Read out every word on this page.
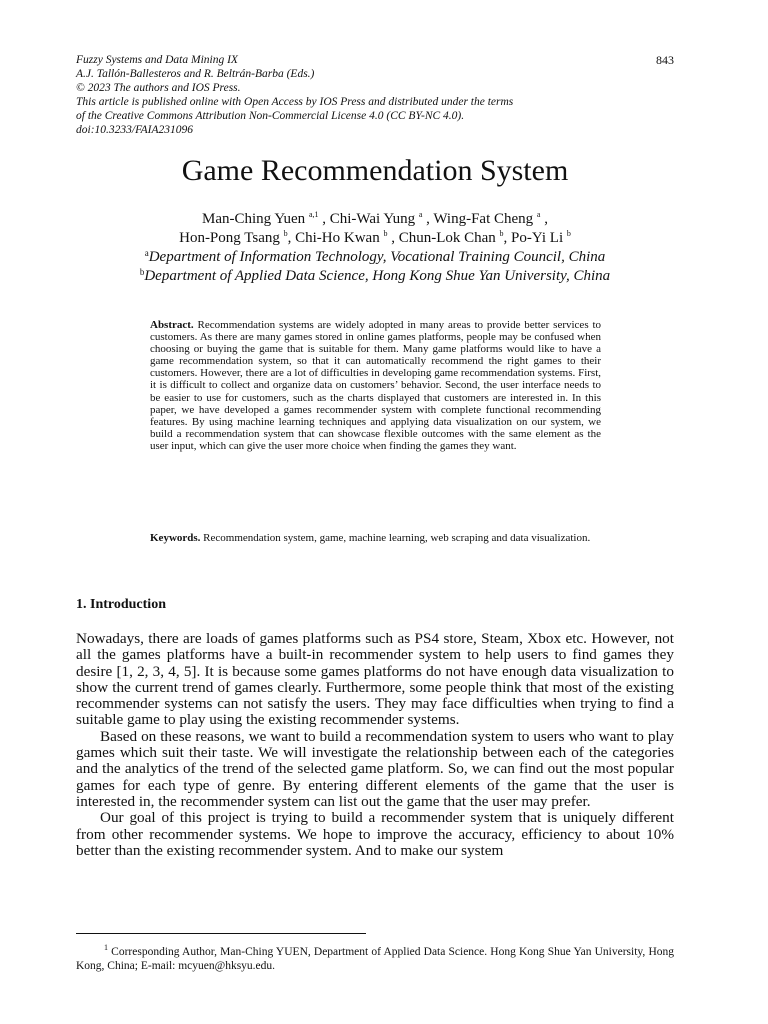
Fuzzy Systems and Data Mining IX
A.J. Tallón-Ballesteros and R. Beltrán-Barba (Eds.)
© 2023 The authors and IOS Press.
This article is published online with Open Access by IOS Press and distributed under the terms
of the Creative Commons Attribution Non-Commercial License 4.0 (CC BY-NC 4.0).
doi:10.3233/FAIA231096
843
Game Recommendation System
Man-Ching Yuen $^{a,1}$ , Chi-Wai Yung $^a$ , Wing-Fat Cheng $^a$ ,
Hon-Pong Tsang $^b$, Chi-Ho Kwan $^b$ , Chun-Lok Chan $^b$, Po-Yi Li $^b$
$^a$Department of Information Technology, Vocational Training Council, China
$^b$Department of Applied Data Science, Hong Kong Shue Yan University, China
Abstract. Recommendation systems are widely adopted in many areas to provide better services to customers. As there are many games stored in online games platforms, people may be confused when choosing or buying the game that is suitable for them. Many game platforms would like to have a game recommendation system, so that it can automatically recommend the right games to their customers. However, there are a lot of difficulties in developing game recommendation systems. First, it is difficult to collect and organize data on customers’ behavior. Second, the user interface needs to be easier to use for customers, such as the charts displayed that customers are interested in. In this paper, we have developed a games recommender system with complete functional recommending features. By using machine learning techniques and applying data visualization on our system, we build a recommendation system that can showcase flexible outcomes with the same element as the user input, which can give the user more choice when finding the games they want.
Keywords. Recommendation system, game, machine learning, web scraping and data visualization.
1. Introduction

Nowadays, there are loads of games platforms such as PS4 store, Steam, Xbox etc. However, not all the games platforms have a built-in recommender system to help users to find games they desire [1, 2, 3, 4, 5]. It is because some games platforms do not have enough data visualization to show the current trend of games clearly. Furthermore, some people think that most of the existing recommender systems can not satisfy the users. They may face difficulties when trying to find a suitable game to play using the existing recommender systems.

Based on these reasons, we want to build a recommendation system to users who want to play games which suit their taste. We will investigate the relationship between each of the categories and the analytics of the trend of the selected game platform. So, we can find out the most popular games for each type of genre. By entering different elements of the game that the user is interested in, the recommender system can list out the game that the user may prefer.

Our goal of this project is trying to build a recommender system that is uniquely different from other recommender systems. We hope to improve the accuracy, efficiency to about 10% better than the existing recommender system. And to make our system

$^1$ Corresponding Author, Man-Ching YUEN, Department of Applied Data Science. Hong Kong Shue Yan University, Hong Kong, China; E-mail: mcyuen@hksyu.edu.
